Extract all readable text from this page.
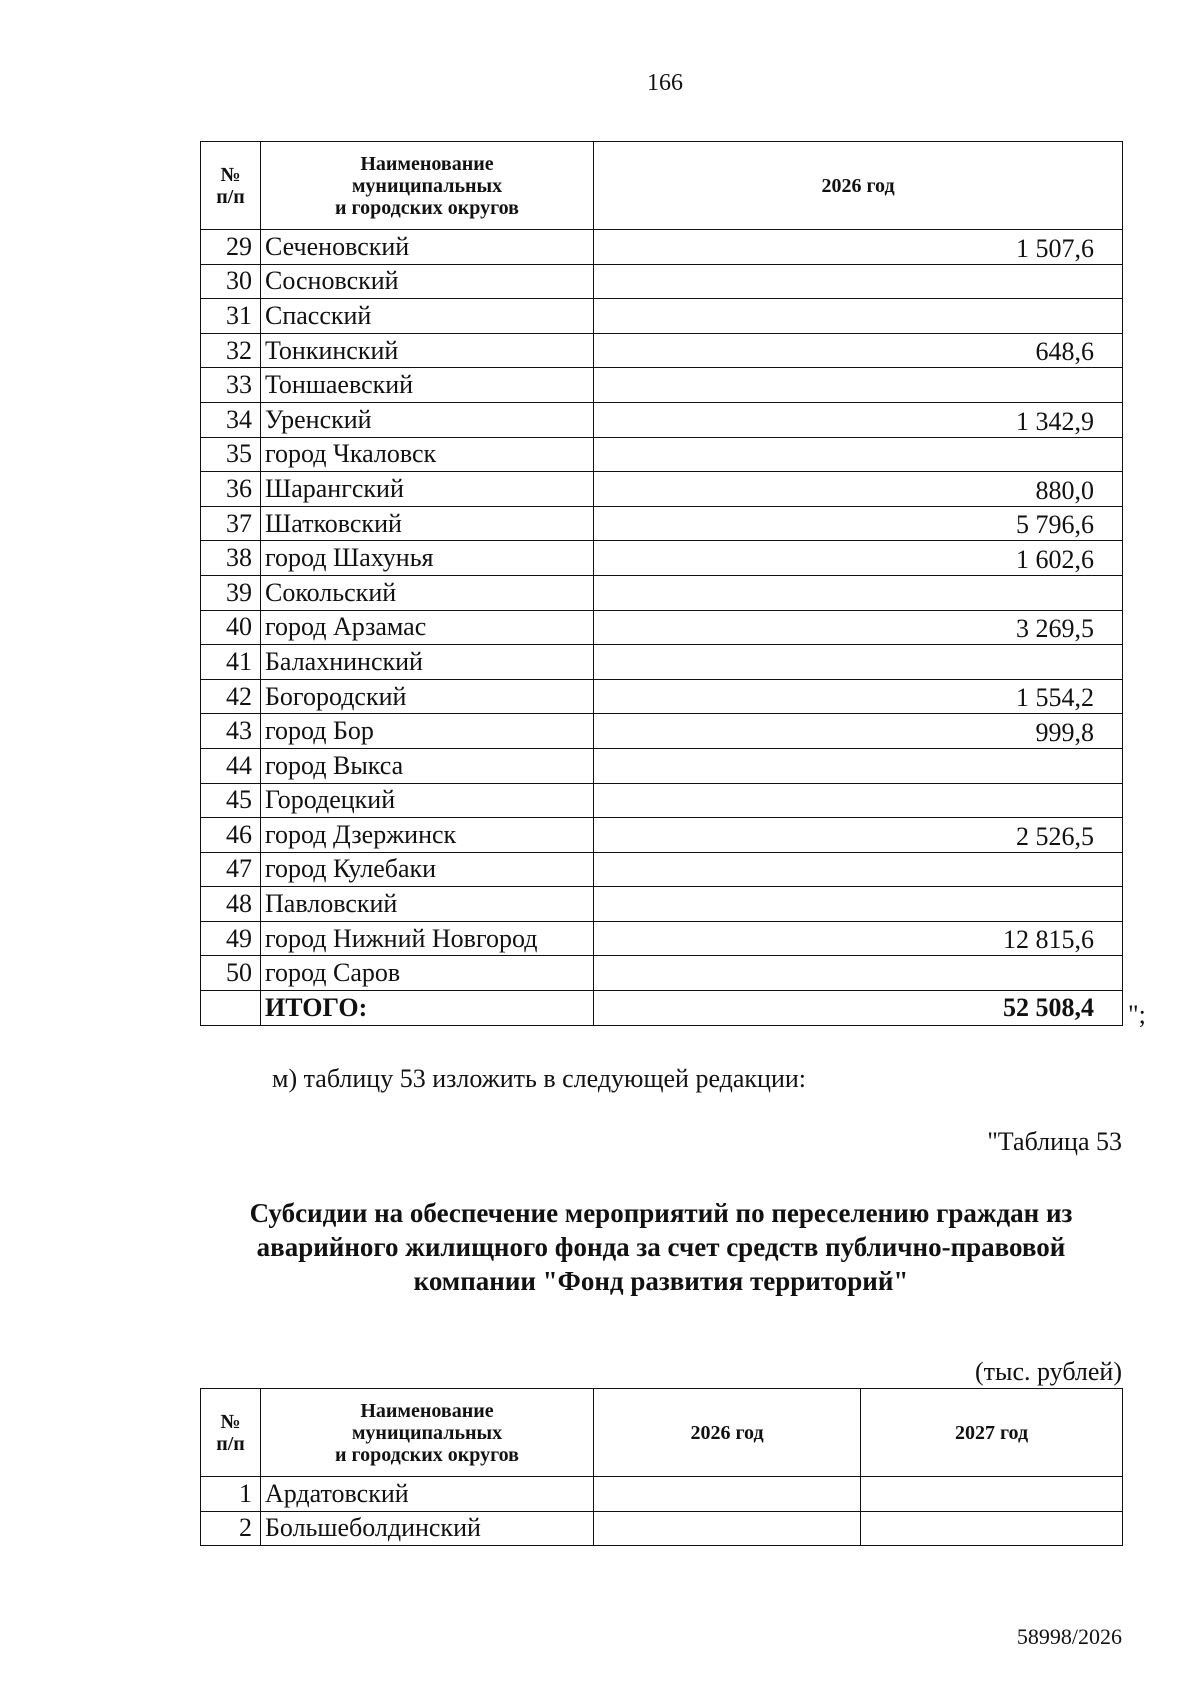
166
№
п/п	Наименование
муниципальных
и городских округов	2026 год
29	Сеченовский	1 507,6
30	Сосновский	
31	Спасский	
32	Тонкинский	648,6
33	Тоншаевский	
34	Уренский	1 342,9
35	город Чкаловск	
36	Шарангский	880,0
37	Шатковский	5 796,6
38	город Шахунья	1 602,6
39	Сокольский	
40	город Арзамас	3 269,5
41	Балахнинский	
42	Богородский	1 554,2
43	город Бор	999,8
44	город Выкса	
45	Городецкий	
46	город Дзержинск	2 526,5
47	город Кулебаки	
48	Павловский	
49	город Нижний Новгород	12 815,6
50	город Саров	
	ИТОГО:	52 508,4 ";
м) таблицу 53 изложить в следующей редакции:
"Таблица 53
Субсидии на обеспечение мероприятий по переселению граждан из аварийного жилищного фонда за счет средств публично-правовой компании "Фонд развития территорий"
(тыс. рублей)
№
п/п	Наименование
муниципальных
и городских округов	2026 год	2027 год
1	Ардатовский		
2	Большеболдинский		
58998/2026
